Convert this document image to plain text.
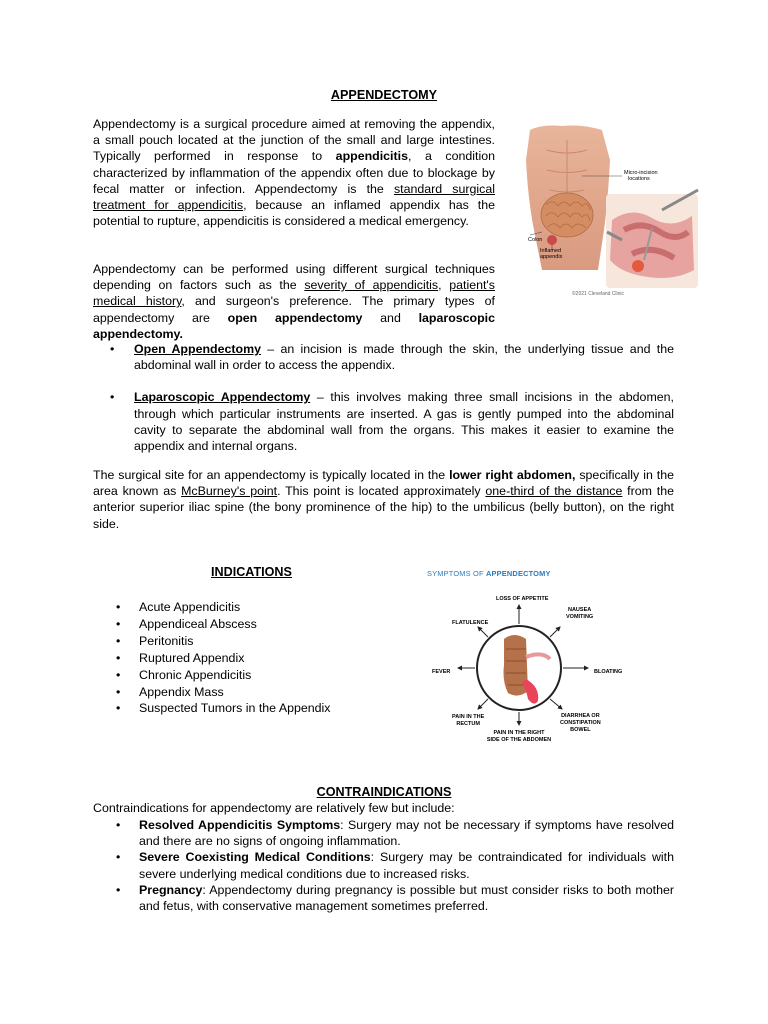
APPENDECTOMY
Appendectomy is a surgical procedure aimed at removing the appendix, a small pouch located at the junction of the small and large intestines. Typically performed in response to appendicitis, a condition characterized by inflammation of the appendix often due to blockage by fecal matter or infection. Appendectomy is the standard surgical treatment for appendicitis, because an inflamed appendix has the potential to rupture, appendicitis is considered a medical emergency.
Appendectomy can be performed using different surgical techniques depending on factors such as the severity of appendicitis, patient's medical history, and surgeon's preference. The primary types of appendectomy are open appendectomy and laparoscopic appendectomy.
Micro-incision
locations
Colon
Inflamed
appendix
©2021 Cleveland Clinic
• Open Appendectomy – an incision is made through the skin, the underlying tissue and the abdominal wall in order to access the appendix.
• Laparoscopic Appendectomy – this involves making three small incisions in the abdomen, through which particular instruments are inserted. A gas is gently pumped into the abdominal cavity to separate the abdominal wall from the organs. This makes it easier to examine the appendix and internal organs.
The surgical site for an appendectomy is typically located in the lower right abdomen, specifically in the area known as McBurney's point. This point is located approximately one-third of the distance from the anterior superior iliac spine (the bony prominence of the hip) to the umbilicus (belly button), on the right side.
INDICATIONS
• Acute Appendicitis
• Appendiceal Abscess
• Peritonitis
• Ruptured Appendix
• Chronic Appendicitis
• Appendix Mass
• Suspected Tumors in the Appendix
SYMPTOMS OF APPENDECTOMY
LOSS OF APPETITE
FLATULENCE
NAUSEA
VOMITING
FEVER	BLOATING
PAIN IN THE
RECTUM
DIARRHEA OR
CONSTIPATION
BOWEL
PAIN IN THE RIGHT
SIDE OF THE ABDOMEN
CONTRAINDICATIONS
Contraindications for appendectomy are relatively few but include:
• Resolved Appendicitis Symptoms: Surgery may not be necessary if symptoms have resolved and there are no signs of ongoing inflammation.
• Severe Coexisting Medical Conditions: Surgery may be contraindicated for individuals with severe underlying medical conditions due to increased risks.
• Pregnancy: Appendectomy during pregnancy is possible but must consider risks to both mother and fetus, with conservative management sometimes preferred.
